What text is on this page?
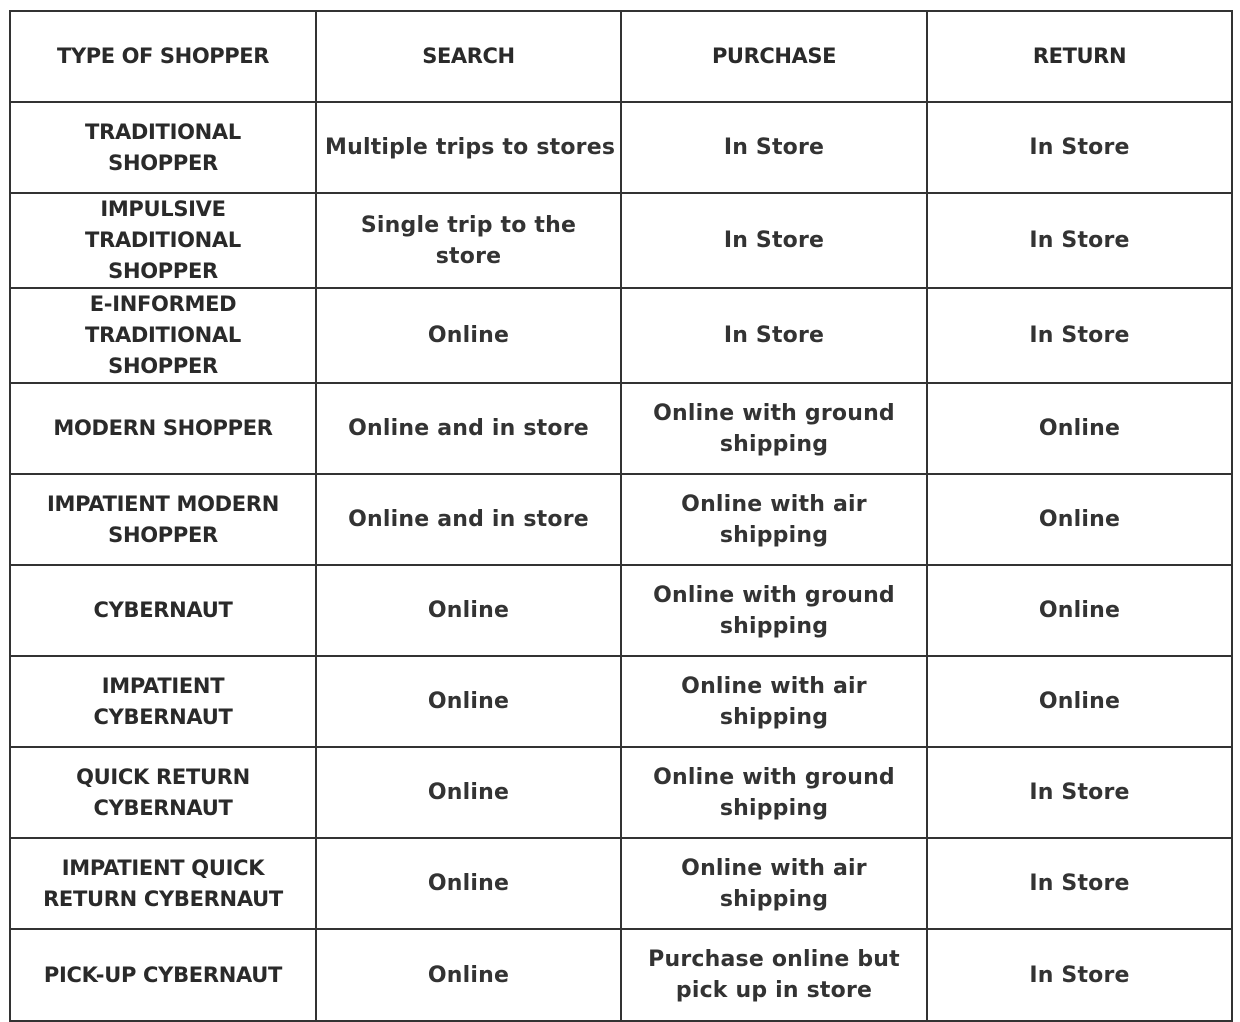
TYPE OF SHOPPER	SEARCH	PURCHASE	RETURN
TRADITIONAL SHOPPER	Multiple trips to stores	In Store	In Store
IMPULSIVE TRADITIONAL SHOPPER	Single trip to the store	In Store	In Store
E-INFORMED TRADITIONAL SHOPPER	Online	In Store	In Store
MODERN SHOPPER	Online and in store	Online with ground shipping	Online
IMPATIENT MODERN SHOPPER	Online and in store	Online with air shipping	Online
CYBERNAUT	Online	Online with ground shipping	Online
IMPATIENT CYBERNAUT	Online	Online with air shipping	Online
QUICK RETURN CYBERNAUT	Online	Online with ground shipping	In Store
IMPATIENT QUICK RETURN CYBERNAUT	Online	Online with air shipping	In Store
PICK-UP CYBERNAUT	Online	Purchase online but pick up in store	In Store
